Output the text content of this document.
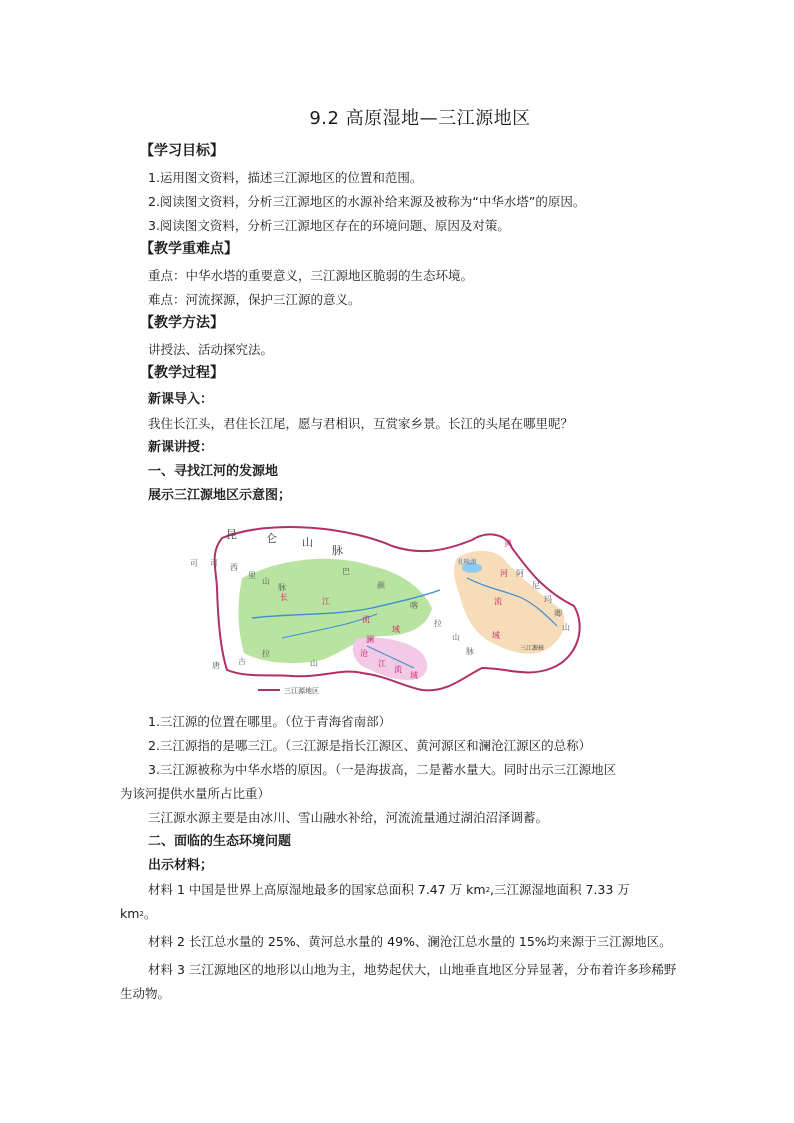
9.2 高原湿地—三江源地区
【学习目标】
1.运用图文资料，描述三江源地区的位置和范围。
2.阅读图文资料，分析三江源地区的水源补给来源及被称为“中华水塔”的原因。
3.阅读图文资料，分析三江源地区存在的环境问题、原因及对策。
【教学重难点】
重点：中华水塔的重要意义，三江源地区脆弱的生态环境。
难点：河流探源，保护三江源的意义。
【教学方法】
讲授法、活动探究法。
【教学过程】
新课导入：
我住长江头，君住长江尾，愿与君相识，互赏家乡景。长江的头尾在哪里呢？
新课讲授：
一、寻找江河的发源地
展示三江源地区示意图；
昆	仑 山
脉
可 可 西
里
山
脉
巴
颜
喀
拉
山
脉
唐 古
拉
山
长	江
流
域
黄
河
流
域
澜
沧
江
流
域
阿
尼
玛
卿
山
扎陵湖
三江源核
三江源地区
1.三江源的位置在哪里。（位于青海省南部）
2.三江源指的是哪三江。（三江源是指长江源区、黄河源区和澜沧江源区的总称）
3.三江源被称为中华水塔的原因。（一是海拔高，二是蓄水量大。同时出示三江源地区
为该河提供水量所占比重）
三江源水源主要是由冰川、雪山融水补给，河流流量通过湖泊沼泽调蓄。
二、面临的生态环境问题
出示材料；

材料 1 中国是世界上高原湿地最多的国家总面积 7.47 万 $km^2$,三江源湿地面积 7.33 万

$km^2$。

材料 2 长江总水量的 25%、黄河总水量的 49%、澜沧江总水量的 15%均来源于三江源地区。

材料 3 三江源地区的地形以山地为主，地势起伏大，山地垂直地区分异显著，分布着许多珍稀野生动物。
